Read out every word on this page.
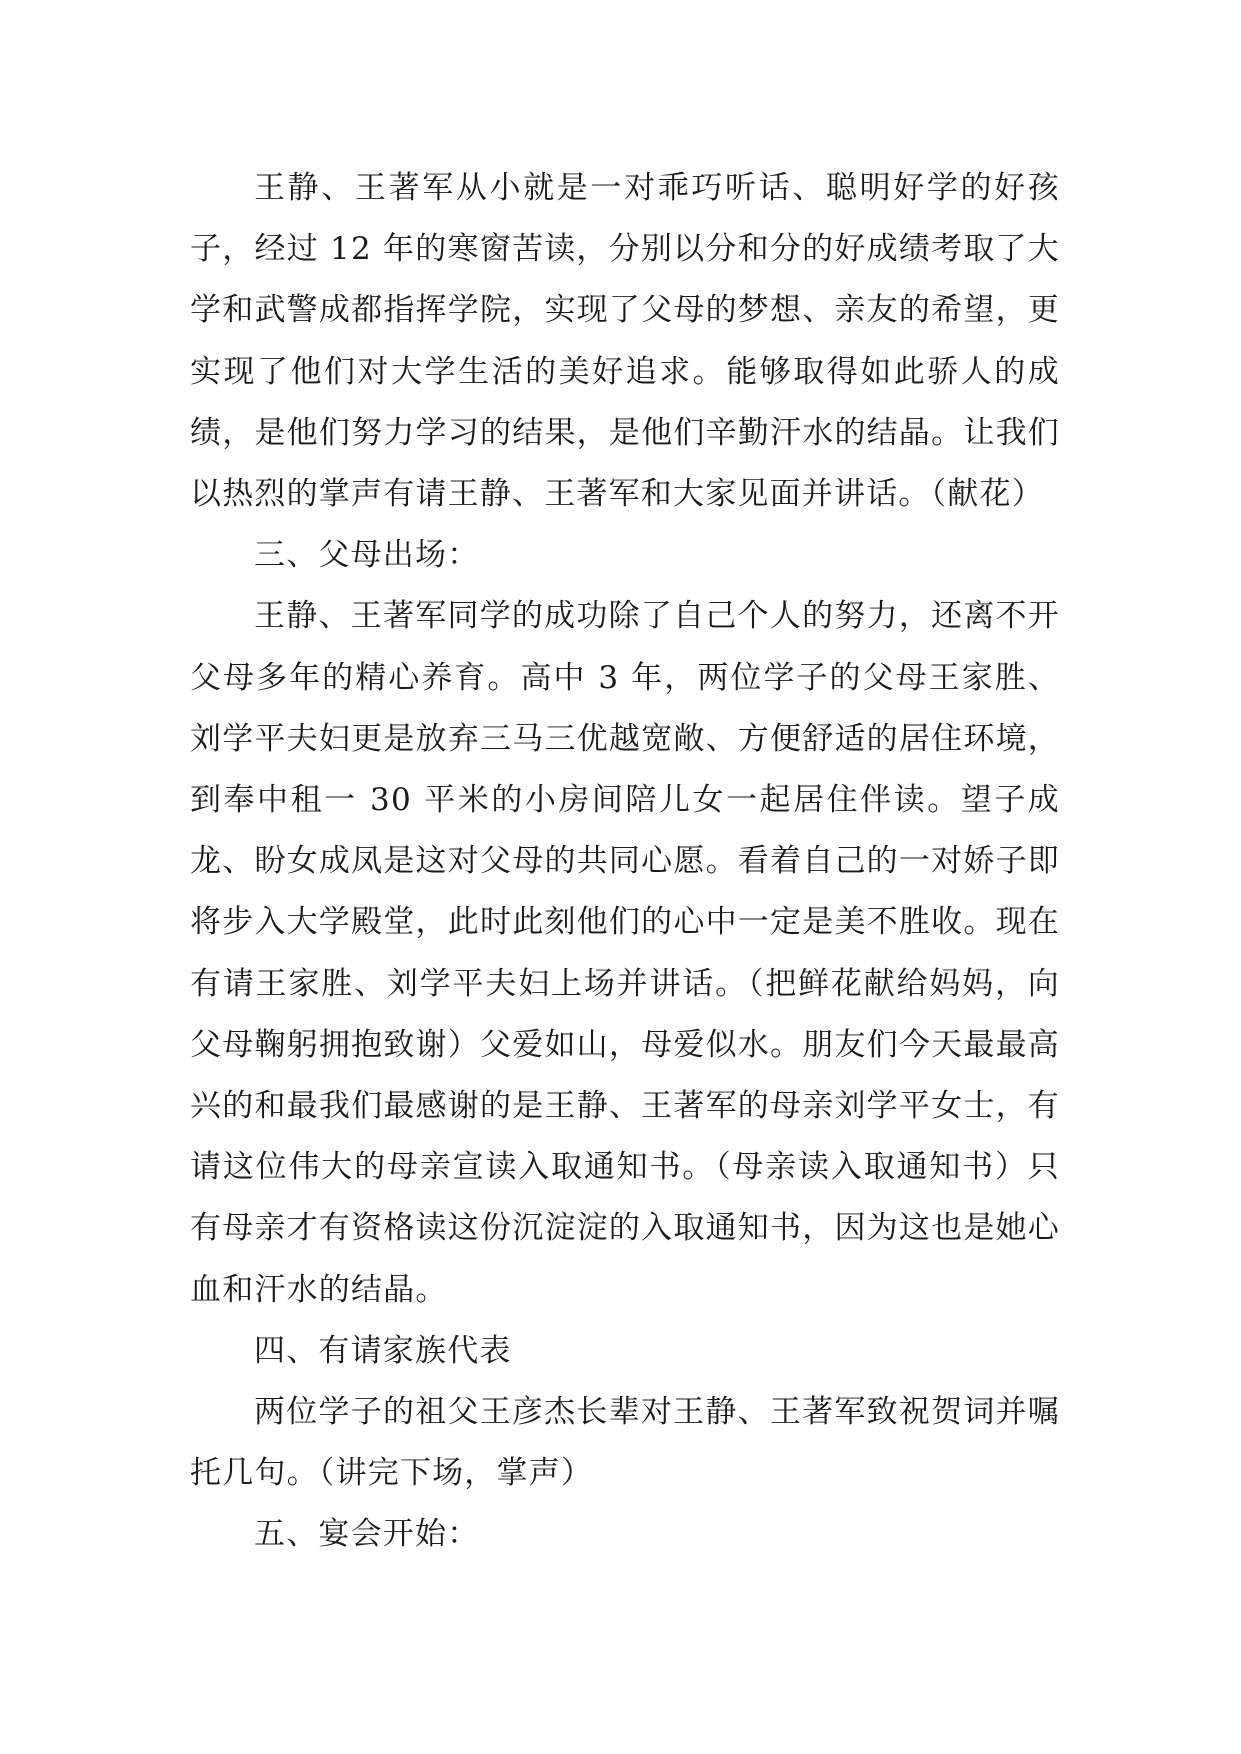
王静、王著军从小就是一对乖巧听话、聪明好学的好孩子，经过 12 年的寒窗苦读，分别以分和分的好成绩考取了大学和武警成都指挥学院，实现了父母的梦想、亲友的希望，更实现了他们对大学生活的美好追求。能够取得如此骄人的成绩，是他们努力学习的结果，是他们辛勤汗水的结晶。让我们以热烈的掌声有请王静、王著军和大家见面并讲话。（献花）

三、父母出场：

王静、王著军同学的成功除了自己个人的努力，还离不开父母多年的精心养育。高中 3 年，两位学子的父母王家胜、刘学平夫妇更是放弃三马三优越宽敞、方便舒适的居住环境，到奉中租一 30 平米的小房间陪儿女一起居住伴读。望子成龙、盼女成凤是这对父母的共同心愿。看着自己的一对娇子即将步入大学殿堂，此时此刻他们的心中一定是美不胜收。现在有请王家胜、刘学平夫妇上场并讲话。（把鲜花献给妈妈，向父母鞠躬拥抱致谢）父爱如山，母爱似水。朋友们今天最最高兴的和最我们最感谢的是王静、王著军的母亲刘学平女士，有请这位伟大的母亲宣读入取通知书。（母亲读入取通知书）只有母亲才有资格读这份沉淀淀的入取通知书，因为这也是她心血和汗水的结晶。

四、有请家族代表

两位学子的祖父王彦杰长辈对王静、王著军致祝贺词并嘱托几句。（讲完下场，掌声）

五、宴会开始：
